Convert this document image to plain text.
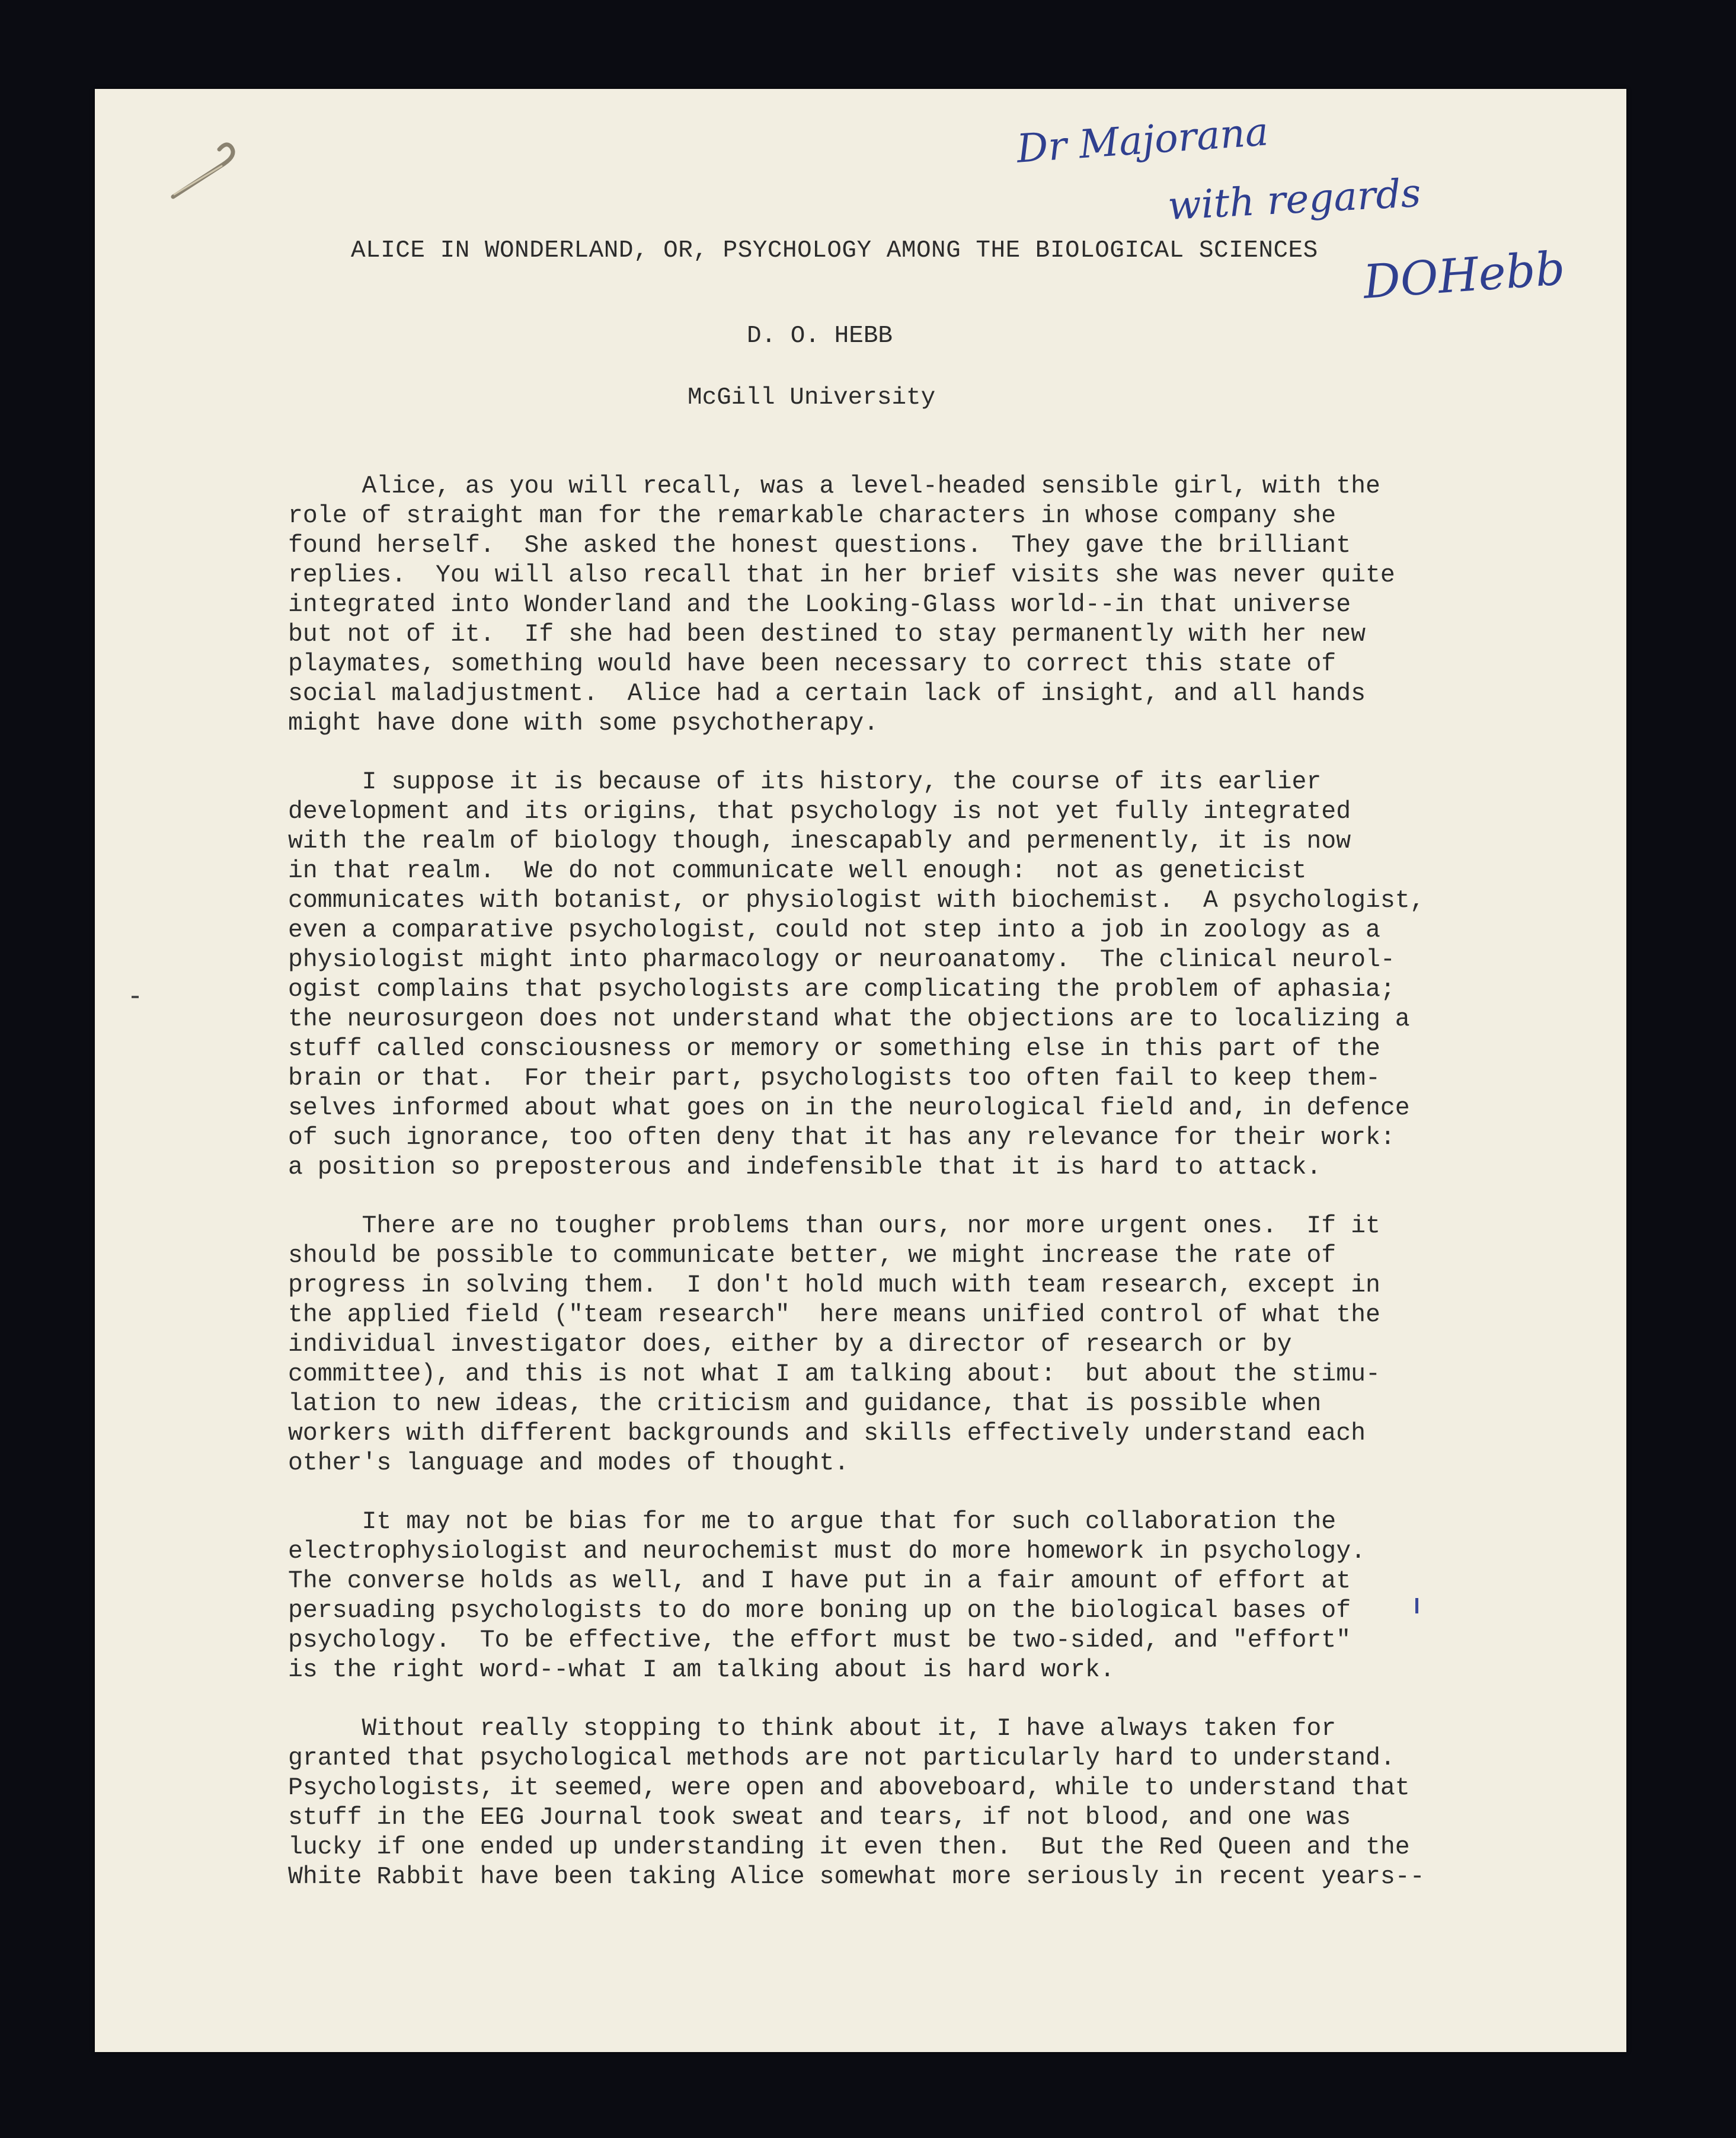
Dr Majorana
with regards
DOHebb
ALICE IN WONDERLAND, OR, PSYCHOLOGY AMONG THE BIOLOGICAL SCIENCES
D. O. HEBB
McGill University
Alice, as you will recall, was a level-headed sensible girl, with the
role of straight man for the remarkable characters in whose company she
found herself.  She asked the honest questions.  They gave the brilliant
replies.  You will also recall that in her brief visits she was never quite
integrated into Wonderland and the Looking-Glass world--in that universe
but not of it.  If she had been destined to stay permanently with her new
playmates, something would have been necessary to correct this state of
social maladjustment.  Alice had a certain lack of insight, and all hands
might have done with some psychotherapy.
I suppose it is because of its history, the course of its earlier
development and its origins, that psychology is not yet fully integrated
with the realm of biology though, inescapably and permenently, it is now
in that realm.  We do not communicate well enough:  not as geneticist
communicates with botanist, or physiologist with biochemist.  A psychologist,
even a comparative psychologist, could not step into a job in zoology as a
physiologist might into pharmacology or neuroanatomy.  The clinical neurol-
ogist complains that psychologists are complicating the problem of aphasia;
the neurosurgeon does not understand what the objections are to localizing a
stuff called consciousness or memory or something else in this part of the
brain or that.  For their part, psychologists too often fail to keep them-
selves informed about what goes on in the neurological field and, in defence
of such ignorance, too often deny that it has any relevance for their work:
a position so preposterous and indefensible that it is hard to attack.
There are no tougher problems than ours, nor more urgent ones.  If it
should be possible to communicate better, we might increase the rate of
progress in solving them.  I don't hold much with team research, except in
the applied field ("team research"  here means unified control of what the
individual investigator does, either by a director of research or by
committee), and this is not what I am talking about:  but about the stimu-
lation to new ideas, the criticism and guidance, that is possible when
workers with different backgrounds and skills effectively understand each
other's language and modes of thought.
It may not be bias for me to argue that for such collaboration the
electrophysiologist and neurochemist must do more homework in psychology.
The converse holds as well, and I have put in a fair amount of effort at
persuading psychologists to do more boning up on the biological bases of
psychology.  To be effective, the effort must be two-sided, and "effort"
is the right word--what I am talking about is hard work.
Without really stopping to think about it, I have always taken for
granted that psychological methods are not particularly hard to understand.
Psychologists, it seemed, were open and aboveboard, while to understand that
stuff in the EEG Journal took sweat and tears, if not blood, and one was
lucky if one ended up understanding it even then.  But the Red Queen and the
White Rabbit have been taking Alice somewhat more seriously in recent years--
